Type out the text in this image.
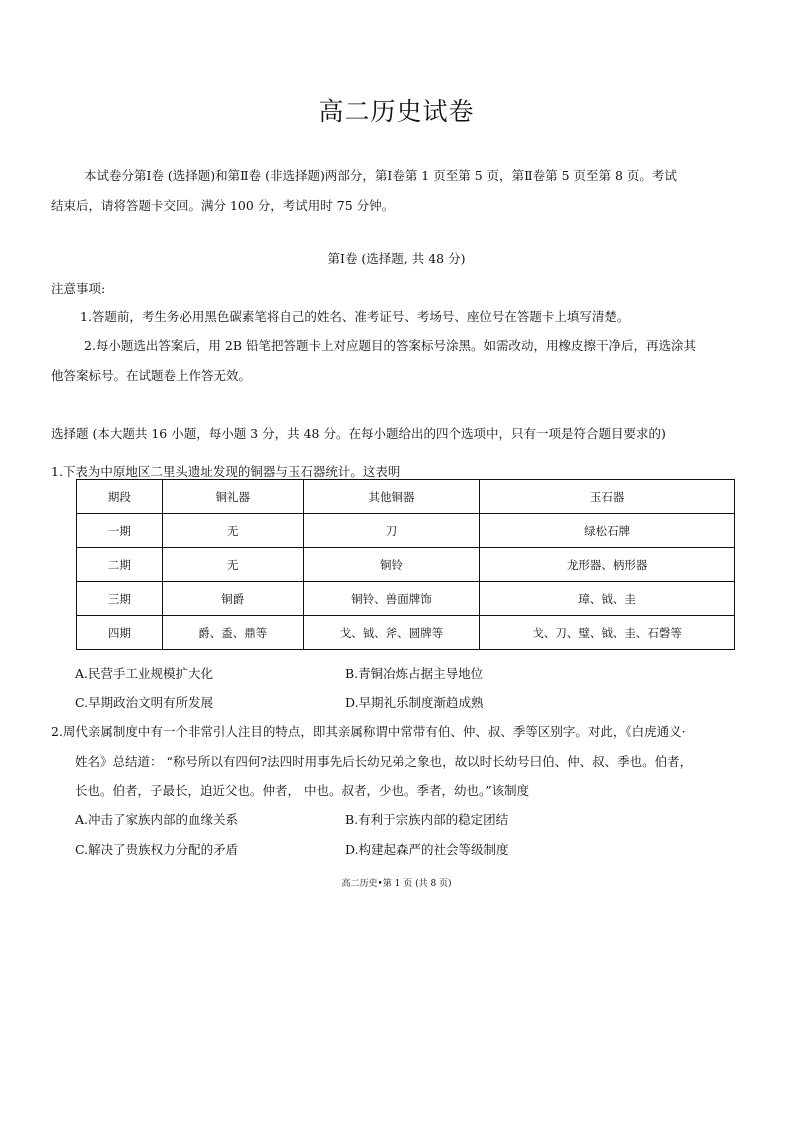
高二历史试卷
本试卷分第Ⅰ卷 (选择题)和第Ⅱ卷 (非选择题)两部分，第Ⅰ卷第 1 页至第 5 页，第Ⅱ卷第 5 页至第 8 页。考试
结束后，请将答题卡交回。满分 100 分，考试用时 75 分钟。
第Ⅰ卷 (选择题, 共 48 分)
注意事项:
1.答题前，考生务必用黑色碳素笔将自己的姓名、准考证号、考场号、座位号在答题卡上填写清楚。
2.每小题选出答案后，用 2B 铅笔把答题卡上对应题目的答案标号涂黑。如需改动，用橡皮擦干净后，再选涂其
他答案标号。在试题卷上作答无效。
选择题 (本大题共 16 小题，每小题 3 分，共 48 分。在每小题给出的四个选项中，只有一项是符合题目要求的)
1.下表为中原地区二里头遗址发现的铜器与玉石器统计。这表明
期段	铜礼器	其他铜器	玉石器
一期	无	刀	绿松石牌
二期	无	铜铃	龙形器、柄形器
三期	铜爵	铜铃、兽面牌饰	璋、钺、圭
四期	爵、盉、鼎等	戈、钺、斧、圆牌等	戈、刀、璧、钺、圭、石磬等
A.民营手工业规模扩大化	B.青铜冶炼占据主导地位
C.早期政治文明有所发展	D.早期礼乐制度渐趋成熟
2.周代亲属制度中有一个非常引人注目的特点，即其亲属称谓中常带有伯、仲、叔、季等区别字。对此，《白虎通义·
姓名》总结道： “称号所以有四何?法四时用事先后长幼兄弟之象也，故以时长幼号曰伯、仲、叔、季也。伯者，
长也。伯者，子最长，迫近父也。仲者， 中也。叔者，少也。季者，幼也。”该制度
A.冲击了家族内部的血缘关系	B.有利于宗族内部的稳定团结
C.解决了贵族权力分配的矛盾	D.构建起森严的社会等级制度
高二历史•第 1 页 (共 8 页)
